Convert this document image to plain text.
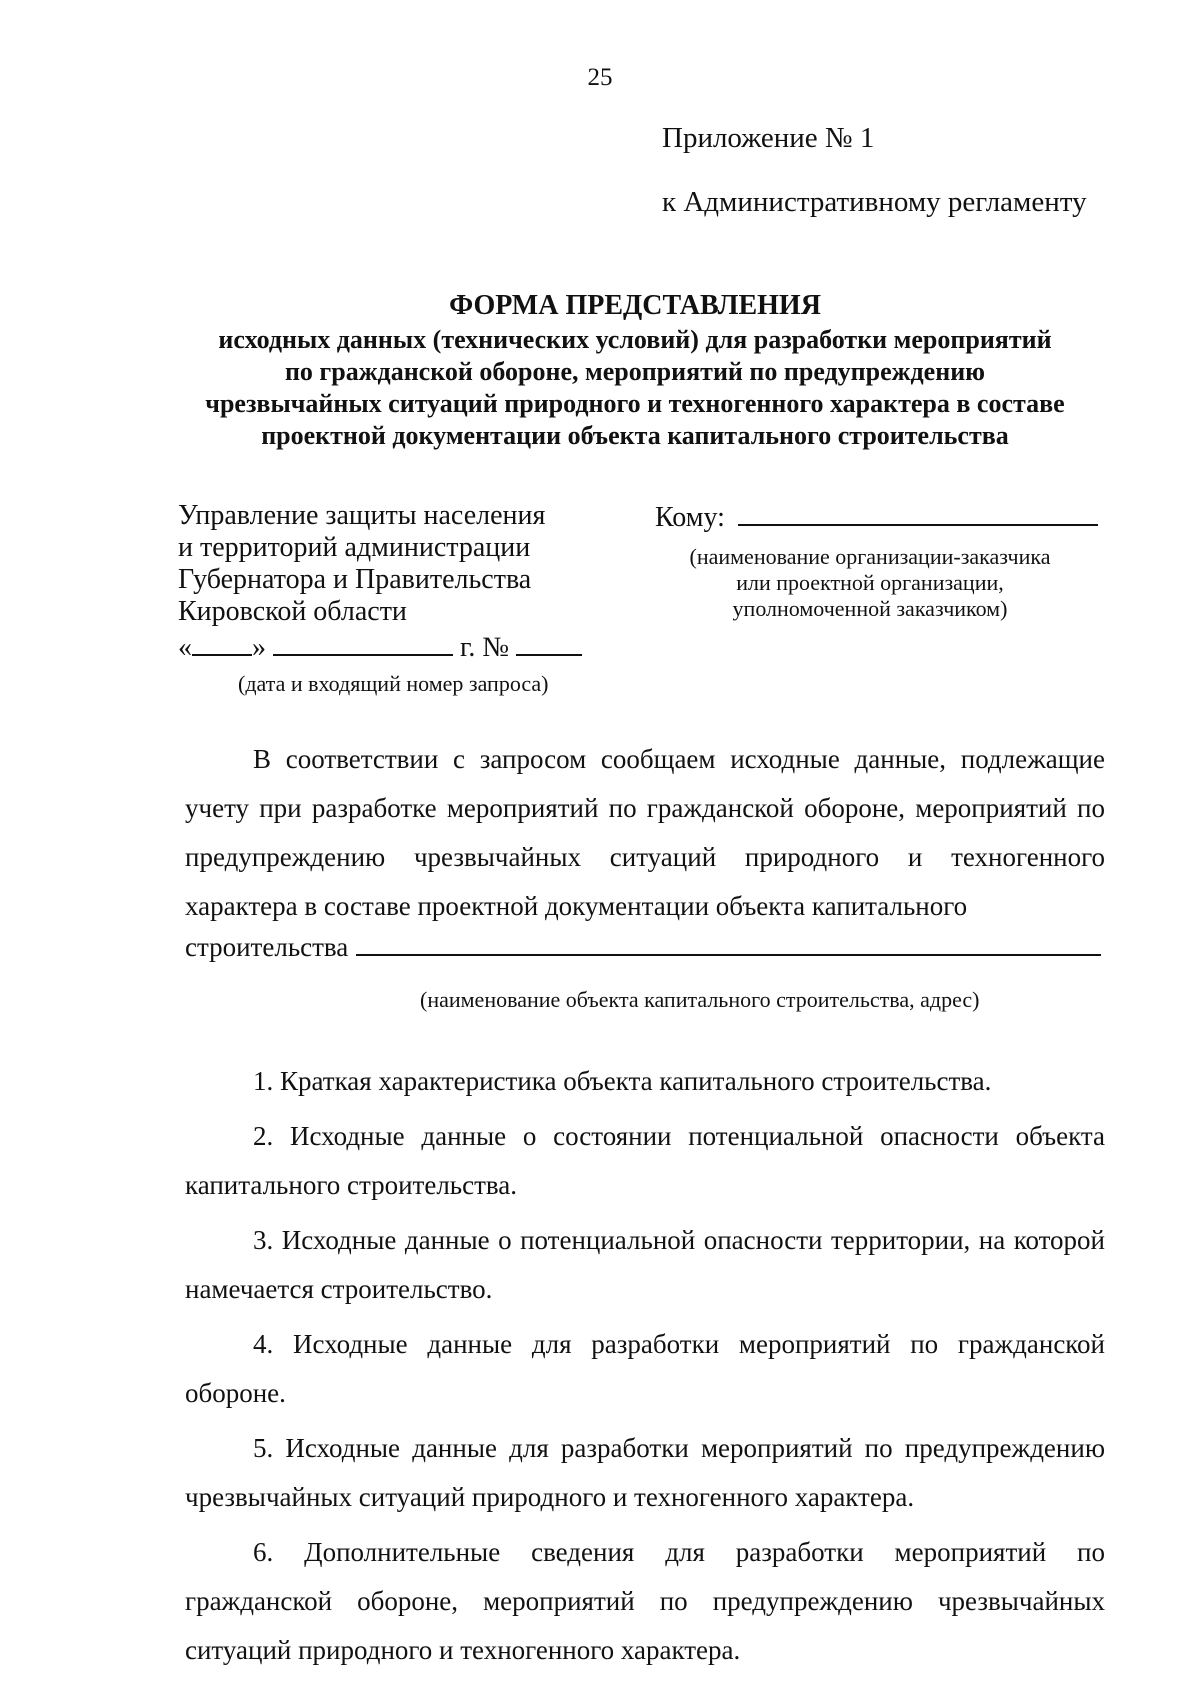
25
Приложение № 1
к Административному регламенту
ФОРМА ПРЕДСТАВЛЕНИЯ
исходных данных (технических условий) для разработки мероприятий
по гражданской обороне, мероприятий по предупреждению
чрезвычайных ситуаций природного и техногенного характера в составе
проектной документации объекта капитального строительства
Управление защиты населения
и территорий администрации
Губернатора и Правительства
Кировской области
« »	г. №
(дата и входящий номер запроса)
Кому:
(наименование организации-заказчика
или проектной организации,
уполномоченной заказчиком)
В соответствии с запросом сообщаем исходные данные, подлежащие учету при разработке мероприятий по гражданской обороне, мероприятий по предупреждению чрезвычайных ситуаций природного и техногенного характера в составе проектной документации объекта капитального
строительства
(наименование объекта капитального строительства, адрес)

1. Краткая характеристика объекта капитального строительства.

2. Исходные данные о состоянии потенциальной опасности объекта капитального строительства.

3. Исходные данные о потенциальной опасности территории, на которой намечается строительство.

4. Исходные данные для разработки мероприятий по гражданской обороне.

5. Исходные данные для разработки мероприятий по предупреждению чрезвычайных ситуаций природного и техногенного характера.

6. Дополнительные сведения для разработки мероприятий по гражданской обороне, мероприятий по предупреждению чрезвычайных ситуаций природного и техногенного характера.
